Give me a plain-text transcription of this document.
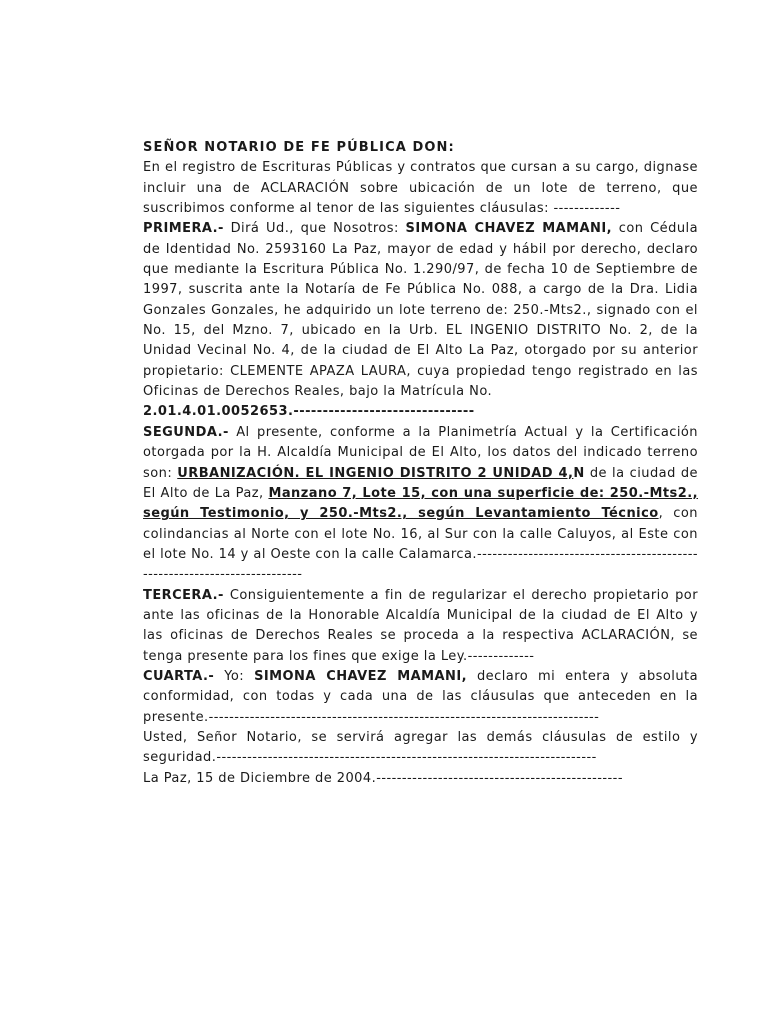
SEÑOR NOTARIO DE FE PÚBLICA DON:

En el registro de Escrituras Públicas y contratos que cursan a su cargo, dignase incluir una de ACLARACIÓN sobre ubicación de un lote de terreno, que suscribimos conforme al tenor de las siguientes cláusulas: -------------

PRIMERA.- Dirá Ud., que Nosotros: SIMONA CHAVEZ MAMANI, con Cédula de Identidad No. 2593160 La Paz, mayor de edad y hábil por derecho, declaro que mediante la Escritura Pública No. 1.290/97, de fecha 10 de Septiembre de 1997, suscrita ante la Notaría de Fe Pública No. 088, a cargo de la Dra. Lidia Gonzales Gonzales, he adquirido un lote terreno de: 250.-Mts2., signado con el No. 15, del Mzno. 7, ubicado en la Urb. EL INGENIO DISTRITO No. 2, de la Unidad Vecinal No. 4, de la ciudad de El Alto La Paz, otorgado por su anterior propietario: CLEMENTE APAZA LAURA, cuya propiedad tengo registrado en las Oficinas de Derechos Reales, bajo la Matrícula No.

2.01.4.01.0052653.-------------------------------

SEGUNDA.- Al presente, conforme a la Planimetría Actual y la Certificación otorgada por la H. Alcaldía Municipal de El Alto, los datos del indicado terreno son: URBANIZACIÓN. EL INGENIO DISTRITO 2 UNIDAD 4,N de la ciudad de El Alto de La Paz, Manzano 7, Lote 15, con una superficie de: 250.-Mts2., según Testimonio, y 250.-Mts2., según Levantamiento Técnico, con colindancias al Norte con el lote No. 16, al Sur con la calle Caluyos, al Este con el lote No. 14 y al Oeste con la calle Calamarca.--------------------------------------------------------------------------

TERCERA.- Consiguientemente a fin de regularizar el derecho propietario por ante las oficinas de la Honorable Alcaldía Municipal de la ciudad de El Alto y las oficinas de Derechos Reales se proceda a la respectiva ACLARACIÓN, se tenga presente para los fines que exige la Ley.-------------

CUARTA.- Yo: SIMONA CHAVEZ MAMANI, declaro mi entera y absoluta conformidad, con todas y cada una de las cláusulas que anteceden en la presente.----------------------------------------------------------------------------

Usted, Señor Notario, se servirá agregar las demás cláusulas de estilo y seguridad.--------------------------------------------------------------------------

La Paz, 15 de Diciembre de 2004.------------------------------------------------
